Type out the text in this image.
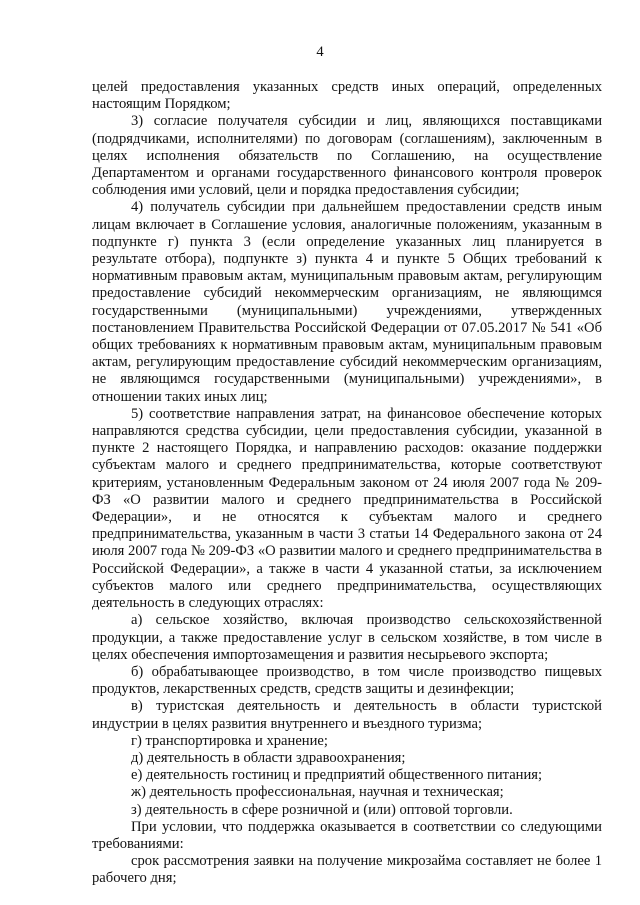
4

целей предоставления указанных средств иных операций, определенных настоящим Порядком;

3) согласие получателя субсидии и лиц, являющихся поставщиками (подрядчиками, исполнителями) по договорам (соглашениям), заключенным в целях исполнения обязательств по Соглашению, на осуществление Департаментом и органами государственного финансового контроля проверок соблюдения ими условий, цели и порядка предоставления субсидии;

4) получатель субсидии при дальнейшем предоставлении средств иным лицам включает в Соглашение условия, аналогичные положениям, указанным в подпункте г) пункта 3 (если определение указанных лиц планируется в результате отбора), подпункте з) пункта 4 и пункте 5 Общих требований к нормативным правовым актам, муниципальным правовым актам, регулирующим предоставление субсидий некоммерческим организациям, не являющимся государственными (муниципальными) учреждениями, утвержденных постановлением Правительства Российской Федерации от 07.05.2017 № 541 «Об общих требованиях к нормативным правовым актам, муниципальным правовым актам, регулирующим предоставление субсидий некоммерческим организациям, не являющимся государственными (муниципальными) учреждениями», в отношении таких иных лиц;

5) соответствие направления затрат, на финансовое обеспечение которых направляются средства субсидии, цели предоставления субсидии, указанной в пункте 2 настоящего Порядка, и направлению расходов: оказание поддержки субъектам малого и среднего предпринимательства, которые соответствуют критериям, установленным Федеральным законом от 24 июля 2007 года № 209-ФЗ «О развитии малого и среднего предпринимательства в Российской Федерации», и не относятся к субъектам малого и среднего предпринимательства, указанным в части 3 статьи 14 Федерального закона от 24 июля 2007 года № 209-ФЗ «О развитии малого и среднего предпринимательства в Российской Федерации», а также в части 4 указанной статьи, за исключением субъектов малого или среднего предпринимательства, осуществляющих деятельность в следующих отраслях:

а) сельское хозяйство, включая производство сельскохозяйственной продукции, а также предоставление услуг в сельском хозяйстве, в том числе в целях обеспечения импортозамещения и развития несырьевого экспорта;

б) обрабатывающее производство, в том числе производство пищевых продуктов, лекарственных средств, средств защиты и дезинфекции;

в) туристская деятельность и деятельность в области туристской индустрии в целях развития внутреннего и въездного туризма;

г) транспортировка и хранение;

д) деятельность в области здравоохранения;

е) деятельность гостиниц и предприятий общественного питания;

ж) деятельность профессиональная, научная и техническая;

з) деятельность в сфере розничной и (или) оптовой торговли.

При условии, что поддержка оказывается в соответствии со следующими требованиями:

срок рассмотрения заявки на получение микрозайма составляет не более 1 рабочего дня;
